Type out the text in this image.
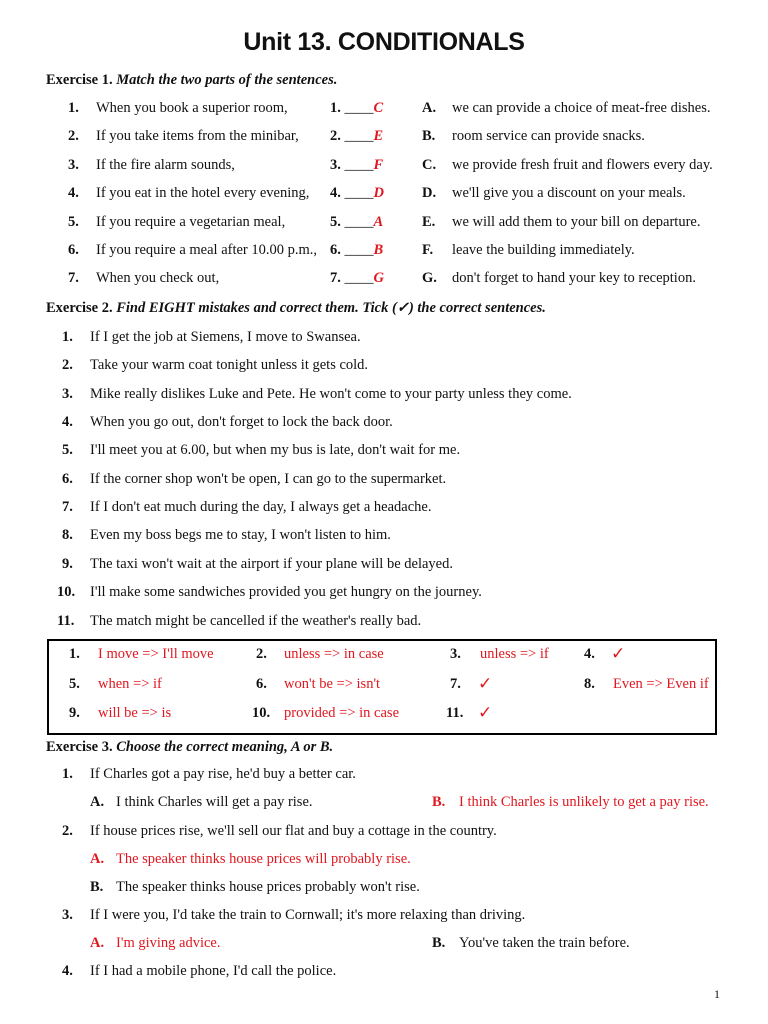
Unit 13. CONDITIONALS
Exercise 1. Match the two parts of the sentences.
1. When you book a superior room,	1. ____C	A. we can provide a choice of meat-free dishes.
2. If you take items from the minibar, 2. ____E	B. room service can provide snacks.
3. If the fire alarm sounds,	3. ____F	C. we provide fresh fruit and flowers every day.
4. If you eat in the hotel every evening, 4. ____D	D. we'll give you a discount on your meals.
5. If you require a vegetarian meal,	5. ____A	E. we will add them to your bill on departure.
6. If you require a meal after 10.00 p.m., 6. ____B	F. leave the building immediately.
7. When you check out,	7. ____G	G. don't forget to hand your key to reception.
Exercise 2. Find EIGHT mistakes and correct them. Tick (✓) the correct sentences.
1. If I get the job at Siemens, I move to Swansea.
2. Take your warm coat tonight unless it gets cold.
3. Mike really dislikes Luke and Pete. He won't come to your party unless they come.
4. When you go out, don't forget to lock the back door.
5. I'll meet you at 6.00, but when my bus is late, don't wait for me.
6. If the corner shop won't be open, I can go to the supermarket.
7. If I don't eat much during the day, I always get a headache.
8. Even my boss begs me to stay, I won't listen to him.
9. The taxi won't wait at the airport if your plane will be delayed.
10. I'll make some sandwiches provided you get hungry on the journey.
11. The match might be cancelled if the weather's really bad.
1. I move => I'll move	2. unless => in case	3. unless => if 4. ✓
5. when => if	6. won't be => isn't	7. ✓	8. Even => Even if
9. will be => is	10. provided => in case	11. ✓
Exercise 3. Choose the correct meaning, A or B.
1. If Charles got a pay rise, he'd buy a better car.
A. I think Charles will get a pay rise.	B. I think Charles is unlikely to get a pay rise.
2. If house prices rise, we'll sell our flat and buy a cottage in the country.
A. The speaker thinks house prices will probably rise.
B. The speaker thinks house prices probably won't rise.
3. If I were you, I'd take the train to Cornwall; it's more relaxing than driving.
A. I'm giving advice.	B. You've taken the train before.
4. If I had a mobile phone, I'd call the police.
1
